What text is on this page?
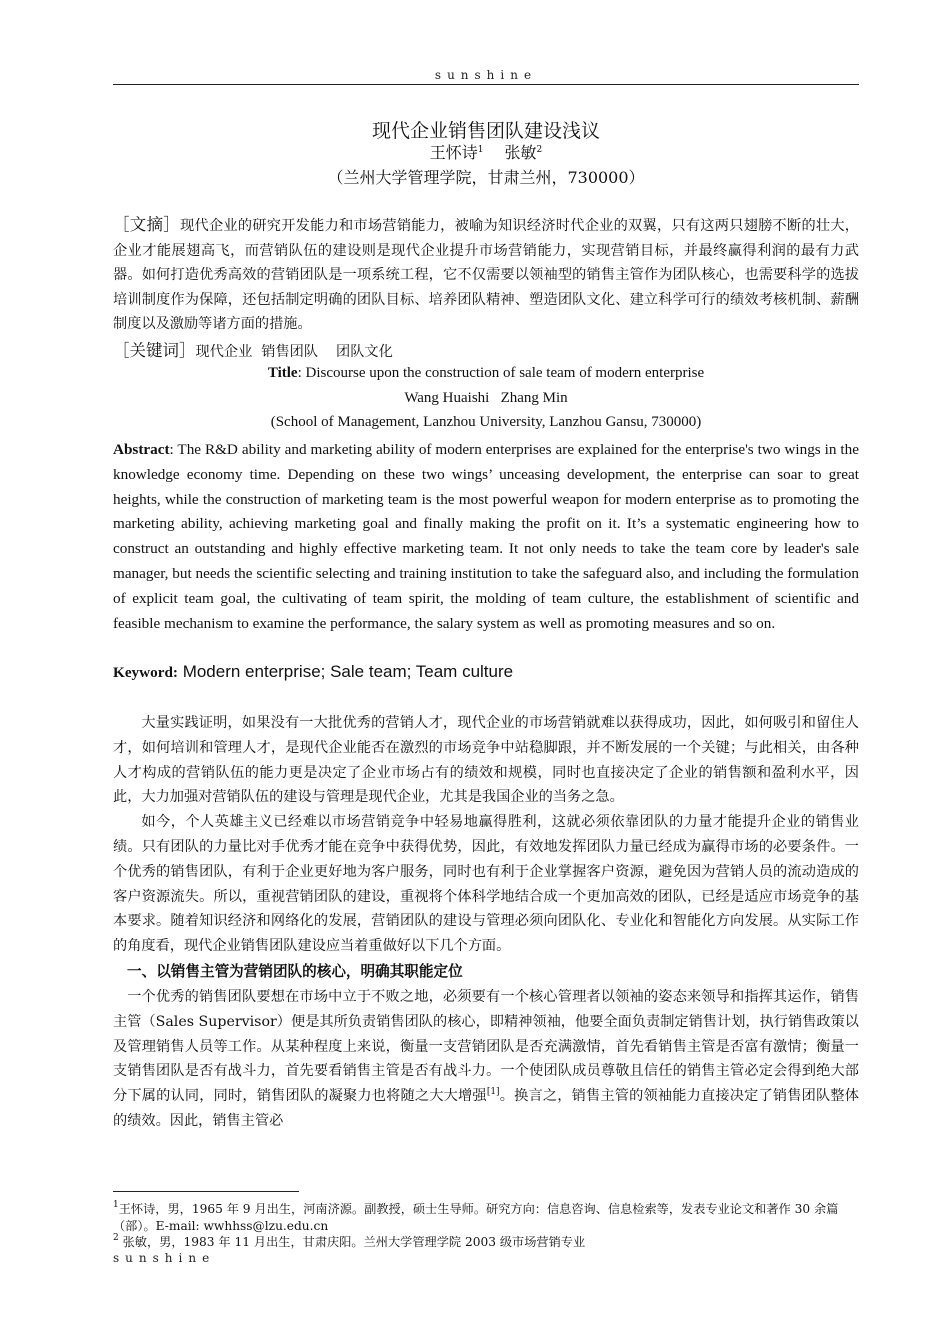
sunshine
现代企业销售团队建设浅议
王怀诗$^1$ 　张敏$^2$
（兰州大学管理学院，甘肃兰州，730000）
［文摘］现代企业的研究开发能力和市场营销能力，被喻为知识经济时代企业的双翼，只有这两只翅膀不断的壮大，企业才能展翅高飞，而营销队伍的建设则是现代企业提升市场营销能力，实现营销目标，并最终赢得利润的最有力武器。如何打造优秀高效的营销团队是一项系统工程，它不仅需要以领袖型的销售主管作为团队核心，也需要科学的选拔培训制度作为保障，还包括制定明确的团队目标、培养团队精神、塑造团队文化、建立科学可行的绩效考核机制、薪酬制度以及激励等诸方面的措施。
［关键词］现代企业  销售团队    团队文化
Title: Discourse upon the construction of sale team of modern enterprise
Wang Huaishi   Zhang Min
(School of Management, Lanzhou University, Lanzhou Gansu, 730000)
Abstract: The R&D ability and marketing ability of modern enterprises are explained for the enterprise's two wings in the knowledge economy time. Depending on these two wings’ unceasing development, the enterprise can soar to great heights, while the construction of marketing team is the most powerful weapon for modern enterprise as to promoting the marketing ability, achieving marketing goal and finally making the profit on it. It’s a systematic engineering how to construct an outstanding and highly effective marketing team. It not only needs to take the team core by leader's sale manager, but needs the scientific selecting and training institution to take the safeguard also, and including the formulation of explicit team goal, the cultivating of team spirit, the molding of team culture, the establishment of scientific and feasible mechanism to examine the performance, the salary system as well as promoting measures and so on.
Keyword: Modern enterprise; Sale team; Team culture

大量实践证明，如果没有一大批优秀的营销人才，现代企业的市场营销就难以获得成功，因此，如何吸引和留住人才，如何培训和管理人才，是现代企业能否在激烈的市场竞争中站稳脚跟，并不断发展的一个关键；与此相关，由各种人才构成的营销队伍的能力更是决定了企业市场占有的绩效和规模，同时也直接决定了企业的销售额和盈利水平，因此，大力加强对营销队伍的建设与管理是现代企业，尤其是我国企业的当务之急。

如今，个人英雄主义已经难以市场营销竞争中轻易地赢得胜利，这就必须依靠团队的力量才能提升企业的销售业绩。只有团队的力量比对手优秀才能在竞争中获得优势，因此，有效地发挥团队力量已经成为赢得市场的必要条件。一个优秀的销售团队，有利于企业更好地为客户服务，同时也有利于企业掌握客户资源，避免因为营销人员的流动造成的客户资源流失。所以，重视营销团队的建设，重视将个体科学地结合成一个更加高效的团队，已经是适应市场竞争的基本要求。随着知识经济和网络化的发展，营销团队的建设与管理必须向团队化、专业化和智能化方向发展。从实际工作的角度看，现代企业销售团队建设应当着重做好以下几个方面。

一、以销售主管为营销团队的核心，明确其职能定位

一个优秀的销售团队要想在市场中立于不败之地，必须要有一个核心管理者以领袖的姿态来领导和指挥其运作，销售主管（Sales Supervisor）便是其所负责销售团队的核心，即精神领袖，他要全面负责制定销售计划，执行销售政策以及管理销售人员等工作。从某种程度上来说，衡量一支营销团队是否充满激情，首先看销售主管是否富有激情；衡量一支销售团队是否有战斗力，首先要看销售主管是否有战斗力。一个使团队成员尊敬且信任的销售主管必定会得到绝大部分下属的认同，同时，销售团队的凝聚力也将随之大大增强[1]。换言之，销售主管的领袖能力直接决定了销售团队整体的绩效。因此，销售主管必

$^1$王怀诗，男，1965 年 9 月出生，河南济源。副教授，硕士生导师。研究方向：信息咨询、信息检索等，发表专业论文和著作 30 余篇（部）。E-mail: wwhhss@lzu.edu.cn
$^2$ 张敏，男，1983 年 11 月出生，甘肃庆阳。兰州大学管理学院 2003 级市场营销专业
sunshine
